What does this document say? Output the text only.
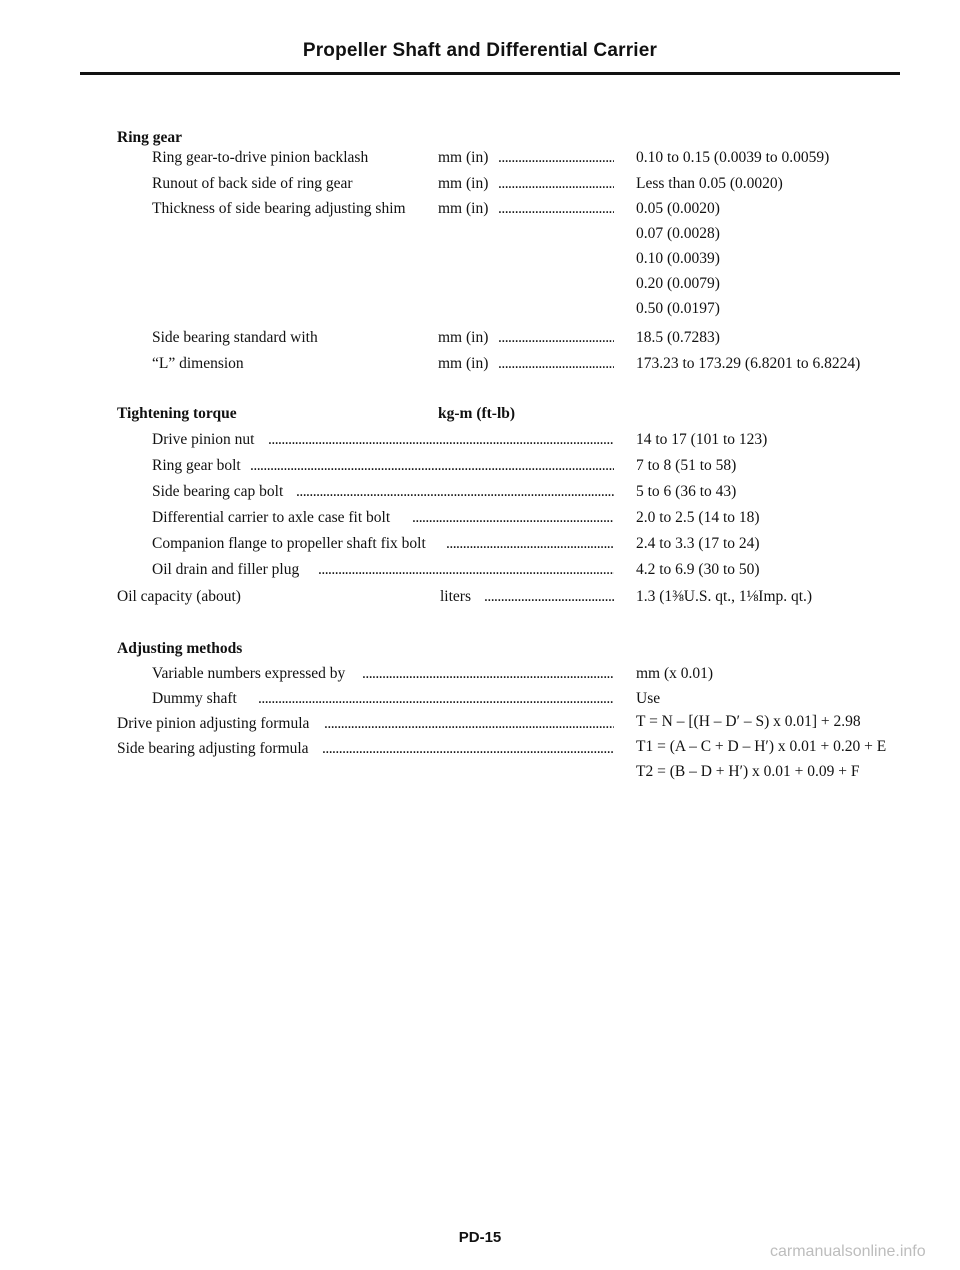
Propeller Shaft and Differential Carrier
Ring gear
Ring gear-to-drive pinion backlash	mm (in) . . .	0.10 to 0.15 (0.0039 to 0.0059)
Runout of back side of ring gear	mm (in) . . .	Less than 0.05 (0.0020)
Thickness of side bearing adjusting shim mm (in) . . .	0.05 (0.0020)
0.07 (0.0028)
0.10 (0.0039)
0.20 (0.0079)
0.50 (0.0197)
Side bearing standard with	mm (in) . . .	18.5 (0.7283)
“L” dimension	mm (in) . . .	173.23 to 173.29 (6.8201 to 6.8224)
Tightening torque	kg-m (ft-lb)
Drive pinion nut . . .	14 to 17 (101 to 123)
Ring gear bolt . . .	7 to 8 (51 to 58)
Side bearing cap bolt . . .	5 to 6 (36 to 43)
Differential carrier to axle case fit bolt . . .	2.0 to 2.5 (14 to 18)
Companion flange to propeller shaft fix bolt . . .	2.4 to 3.3 (17 to 24)
Oil drain and filler plug . . .	4.2 to 6.9 (30 to 50)
Oil capacity (about)	liters . . .	1.3 (1⅜U.S. qt., 1⅛Imp. qt.)
Adjusting methods
Variable numbers expressed by . . .	mm (x 0.01)
Dummy shaft . . .	Use
Drive pinion adjusting formula . . .	T = N – [(H – D′ – S) x 0.01] + 2.98
Side bearing adjusting formula . . .	T1 = (A – C + D – H′) x 0.01 + 0.20 + E
T2 = (B – D + H′) x 0.01 + 0.09 + F
PD-15
carmanualsonline.info
